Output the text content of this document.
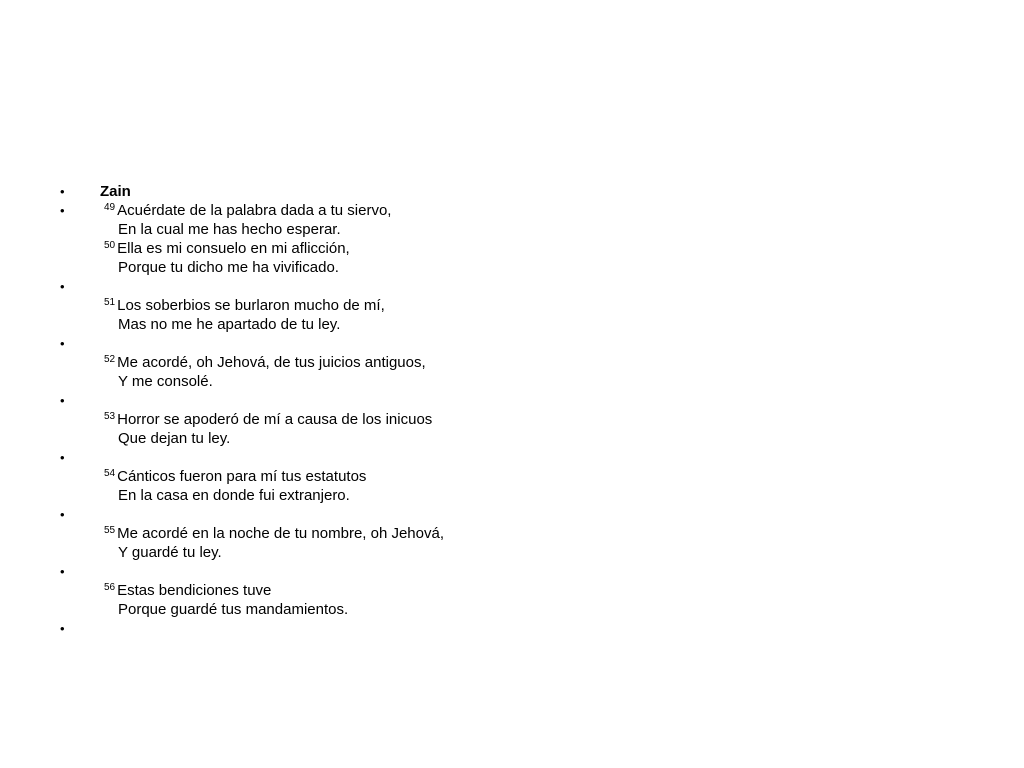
•	Zain
•	$^{49}$ Acuérdate de la palabra dada a tu siervo,
En la cual me has hecho esperar.
$^{50}$ Ella es mi consuelo en mi aflicción,
Porque tu dicho me ha vivificado.
•
$^{51}$ Los soberbios se burlaron mucho de mí,
Mas no me he apartado de tu ley.
•
$^{52}$ Me acordé, oh Jehová, de tus juicios antiguos,
Y me consolé.
•
$^{53}$ Horror se apoderó de mí a causa de los inicuos
Que dejan tu ley.
•
$^{54}$ Cánticos fueron para mí tus estatutos
En la casa en donde fui extranjero.
•
$^{55}$ Me acordé en la noche de tu nombre, oh Jehová,
Y guardé tu ley.
•
$^{56}$ Estas bendiciones tuve
Porque guardé tus mandamientos.
•
